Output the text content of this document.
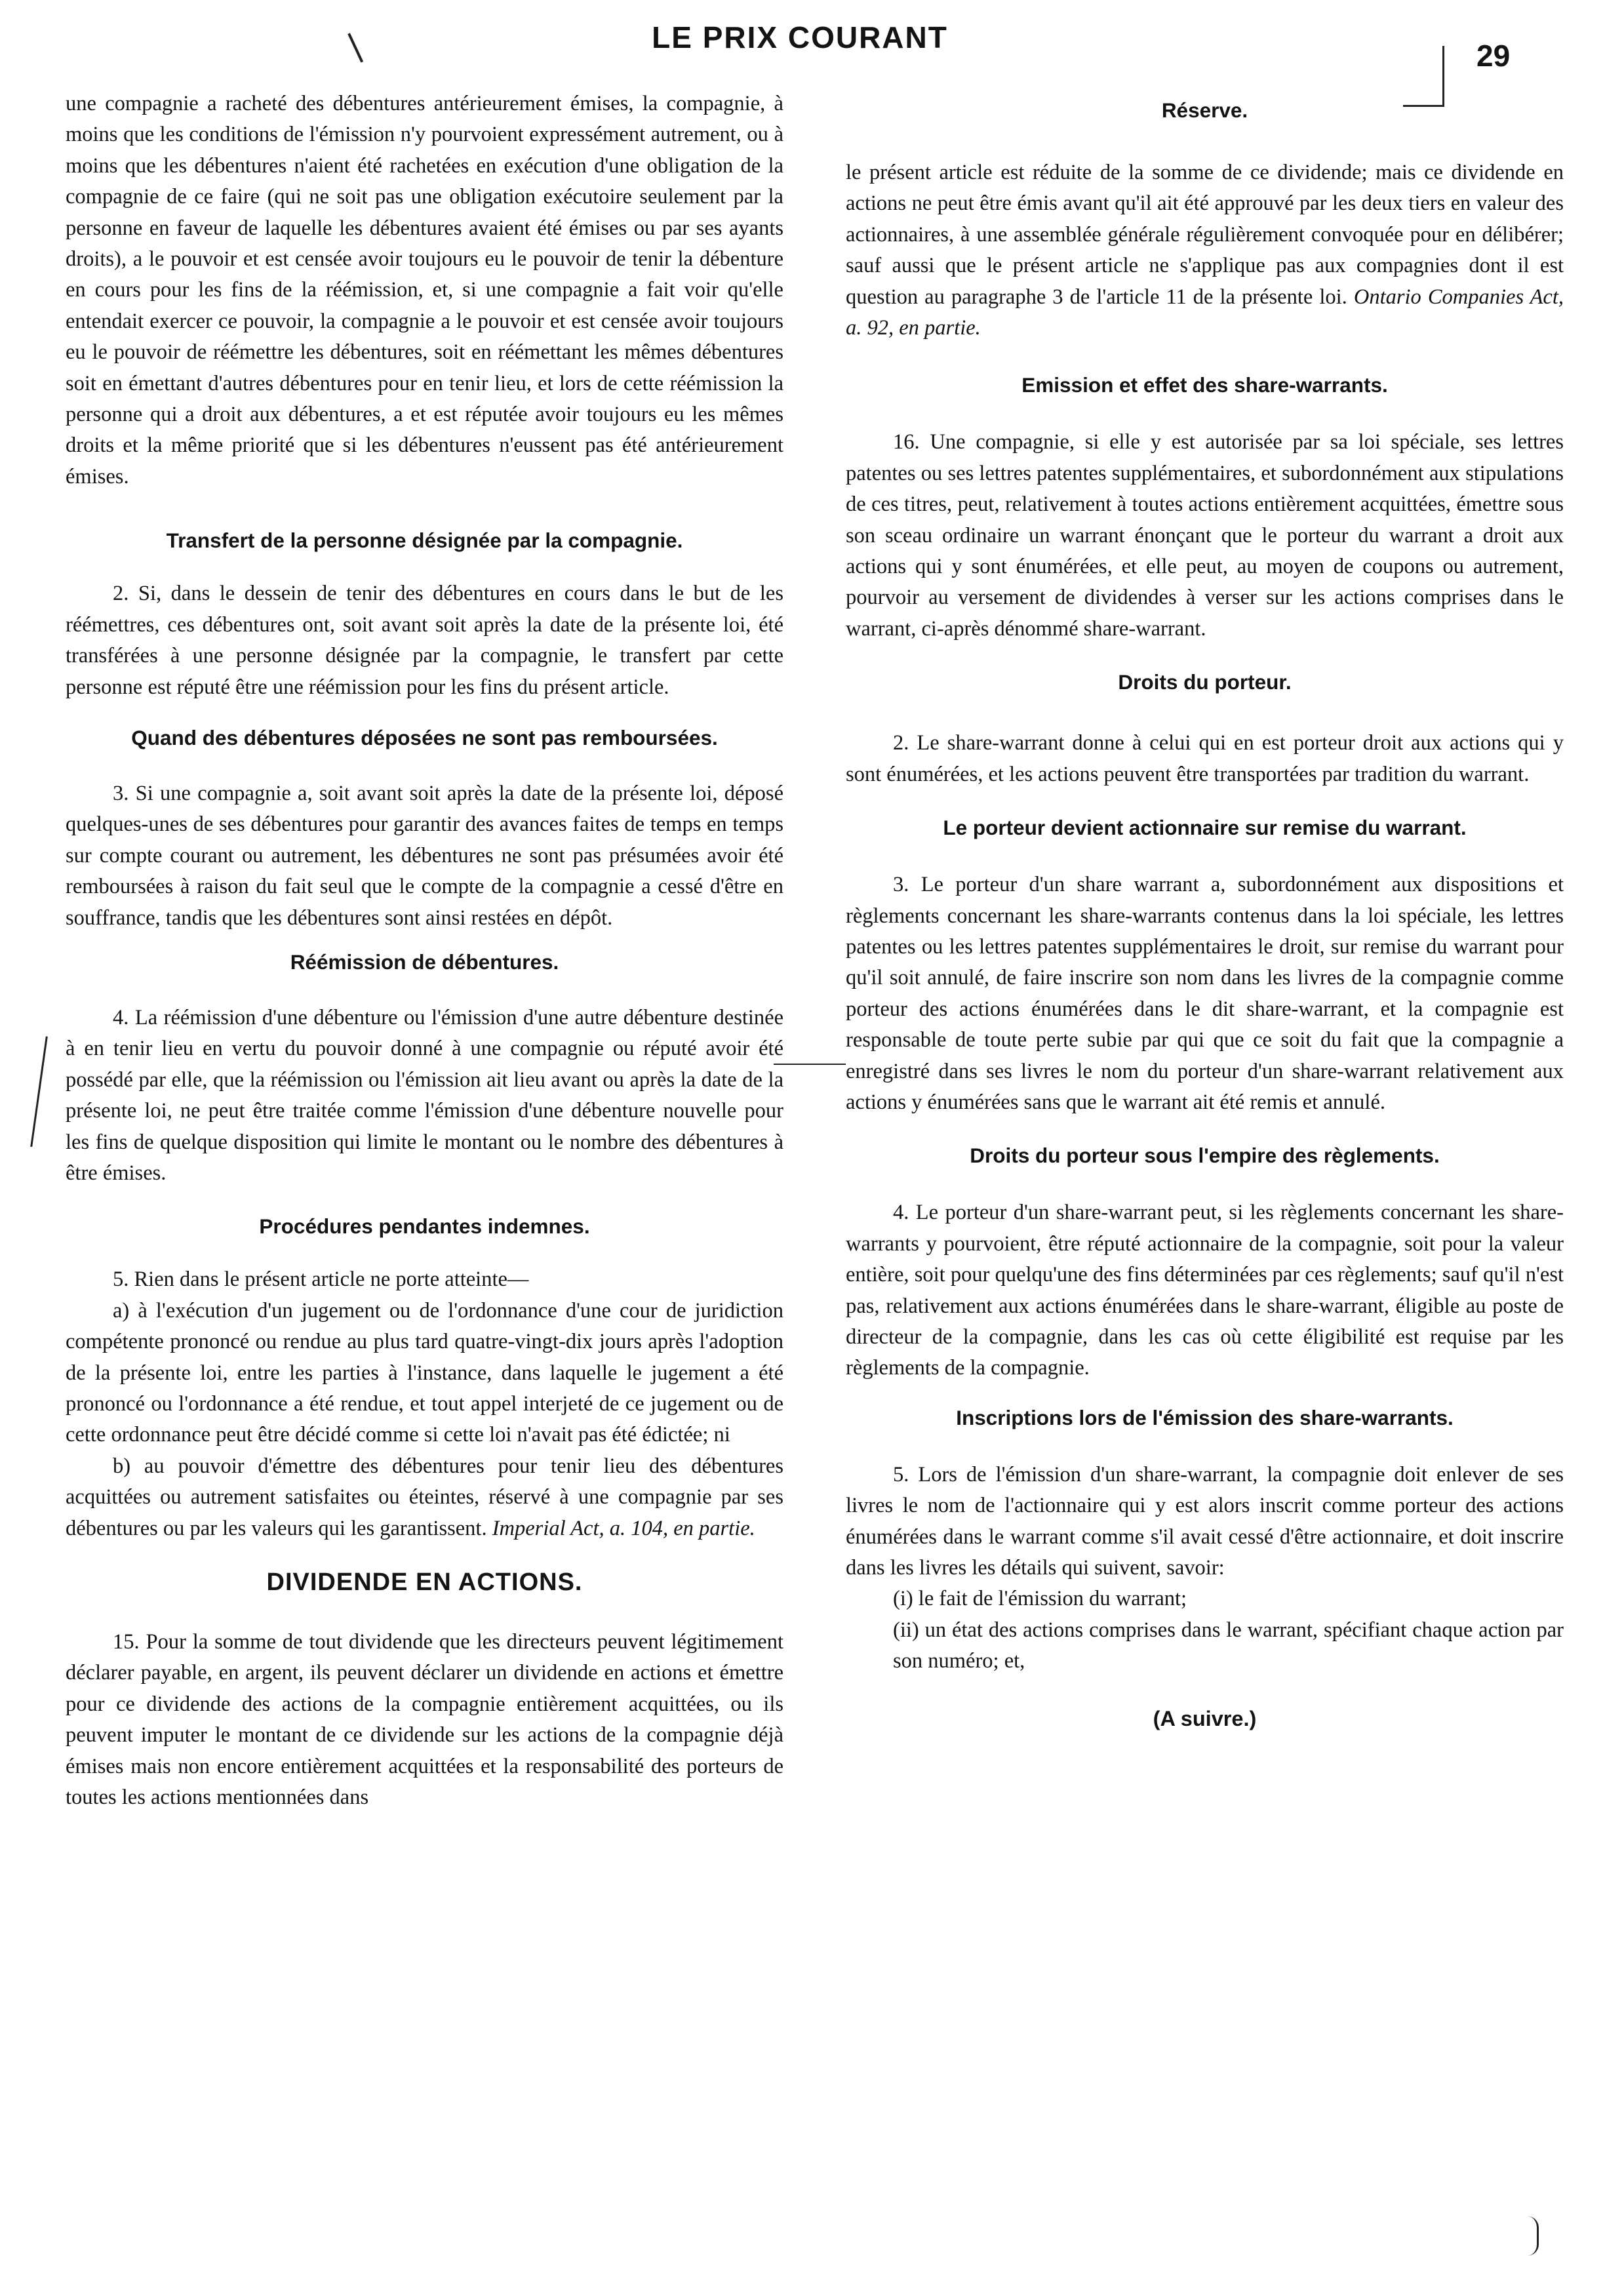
LE PRIX COURANT
29

une compagnie a racheté des débentures antérieurement émises, la compagnie, à moins que les conditions de l'émission n'y pourvoient expressément autrement, ou à moins que les débentures n'aient été rachetées en exécution d'une obligation de la compagnie de ce faire (qui ne soit pas une obligation exécutoire seulement par la personne en faveur de laquelle les débentures avaient été émises ou par ses ayants droits), a le pouvoir et est censée avoir toujours eu le pouvoir de tenir la débenture en cours pour les fins de la réémission, et, si une compagnie a fait voir qu'elle entendait exercer ce pouvoir, la compagnie a le pouvoir et est censée avoir toujours eu le pouvoir de réémettre les débentures, soit en réémettant les mêmes débentures soit en émettant d'autres débentures pour en tenir lieu, et lors de cette réémission la personne qui a droit aux débentures, a et est réputée avoir toujours eu les mêmes droits et la même priorité que si les débentures n'eussent pas été antérieurement émises.

Transfert de la personne désignée par la compagnie.

2. Si, dans le dessein de tenir des débentures en cours dans le but de les réémettres, ces débentures ont, soit avant soit après la date de la présente loi, été transférées à une personne désignée par la compagnie, le transfert par cette personne est réputé être une réémission pour les fins du présent article.

Quand des débentures déposées ne sont pas remboursées.

3. Si une compagnie a, soit avant soit après la date de la présente loi, déposé quelques-unes de ses débentures pour garantir des avances faites de temps en temps sur compte courant ou autrement, les débentures ne sont pas présumées avoir été remboursées à raison du fait seul que le compte de la compagnie a cessé d'être en souffrance, tandis que les débentures sont ainsi restées en dépôt.

Réémission de débentures.

4. La réémission d'une débenture ou l'émission d'une autre débenture destinée à en tenir lieu en vertu du pouvoir donné à une compagnie ou réputé avoir été possédé par elle, que la réémission ou l'émission ait lieu avant ou après la date de la présente loi, ne peut être traitée comme l'émission d'une débenture nouvelle pour les fins de quelque disposition qui limite le montant ou le nombre des débentures à être émises.

Procédures pendantes indemnes.

5. Rien dans le présent article ne porte atteinte—

a) à l'exécution d'un jugement ou de l'ordonnance d'une cour de juridiction compétente prononcé ou rendue au plus tard quatre-vingt-dix jours après l'adoption de la présente loi, entre les parties à l'instance, dans laquelle le jugement a été prononcé ou l'ordonnance a été rendue, et tout appel interjeté de ce jugement ou de cette ordonnance peut être décidé comme si cette loi n'avait pas été édictée; ni

b) au pouvoir d'émettre des débentures pour tenir lieu des débentures acquittées ou autrement satisfaites ou éteintes, réservé à une compagnie par ses débentures ou par les valeurs qui les garantissent. Imperial Act, a. 104, en partie.

DIVIDENDE EN ACTIONS.

15. Pour la somme de tout dividende que les directeurs peuvent légitimement déclarer payable, en argent, ils peuvent déclarer un dividende en actions et émettre pour ce dividende des actions de la compagnie entièrement acquittées, ou ils peuvent imputer le montant de ce dividende sur les actions de la compagnie déjà émises mais non encore entièrement acquittées et la responsabilité des porteurs de toutes les actions mentionnées dans

Réserve.

le présent article est réduite de la somme de ce dividende; mais ce dividende en actions ne peut être émis avant qu'il ait été approuvé par les deux tiers en valeur des actionnaires, à une assemblée générale régulièrement convoquée pour en délibérer; sauf aussi que le présent article ne s'applique pas aux compagnies dont il est question au paragraphe 3 de l'article 11 de la présente loi. Ontario Companies Act, a. 92, en partie.

Emission et effet des share-warrants.

16. Une compagnie, si elle y est autorisée par sa loi spéciale, ses lettres patentes ou ses lettres patentes supplémentaires, et subordonnément aux stipulations de ces titres, peut, relativement à toutes actions entièrement acquittées, émettre sous son sceau ordinaire un warrant énonçant que le porteur du warrant a droit aux actions qui y sont énumérées, et elle peut, au moyen de coupons ou autrement, pourvoir au versement de dividendes à verser sur les actions comprises dans le warrant, ci-après dénommé share-warrant.

Droits du porteur.

2. Le share-warrant donne à celui qui en est porteur droit aux actions qui y sont énumérées, et les actions peuvent être transportées par tradition du warrant.

Le porteur devient actionnaire sur remise du warrant.

3. Le porteur d'un share warrant a, subordonnément aux dispositions et règlements concernant les share-warrants contenus dans la loi spéciale, les lettres patentes ou les lettres patentes supplémentaires le droit, sur remise du warrant pour qu'il soit annulé, de faire inscrire son nom dans les livres de la compagnie comme porteur des actions énumérées dans le dit share-warrant, et la compagnie est responsable de toute perte subie par qui que ce soit du fait que la compagnie a enregistré dans ses livres le nom du porteur d'un share-warrant relativement aux actions y énumérées sans que le warrant ait été remis et annulé.

Droits du porteur sous l'empire des règlements.

4. Le porteur d'un share-warrant peut, si les règlements concernant les share-warrants y pourvoient, être réputé actionnaire de la compagnie, soit pour la valeur entière, soit pour quelqu'une des fins déterminées par ces règlements; sauf qu'il n'est pas, relativement aux actions énumérées dans le share-warrant, éligible au poste de directeur de la compagnie, dans les cas où cette éligibilité est requise par les règlements de la compagnie.

Inscriptions lors de l'émission des share-warrants.

5. Lors de l'émission d'un share-warrant, la compagnie doit enlever de ses livres le nom de l'actionnaire qui y est alors inscrit comme porteur des actions énumérées dans le warrant comme s'il avait cessé d'être actionnaire, et doit inscrire dans les livres les détails qui suivent, savoir:

(i) le fait de l'émission du warrant;

(ii) un état des actions comprises dans le warrant, spécifiant chaque action par son numéro; et,

(A suivre.)
